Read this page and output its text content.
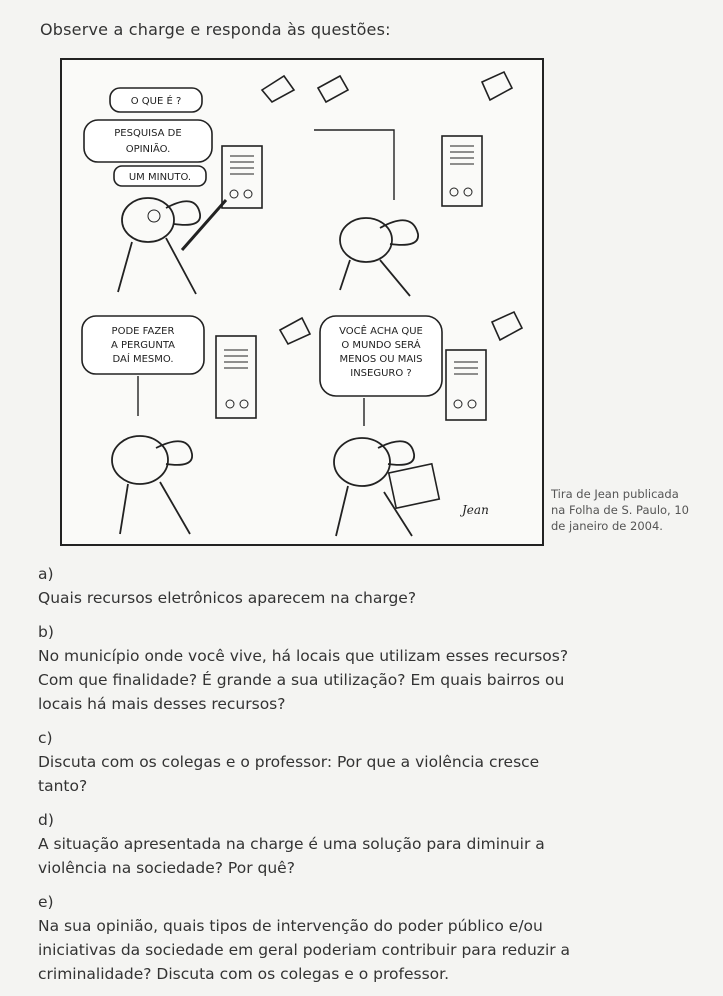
Observe a charge e responda às questões:
O QUE É ?
PESQUISA DE
OPINIÃO.
UM MINUTO.
PODE FAZER
A PERGUNTA
DAÍ MESMO.
VOCÊ ACHA QUE
O MUNDO SERÁ
MENOS OU MAIS
INSEGURO ?
Jean
Tira de Jean publicada
na Folha de S. Paulo, 10
de janeiro de 2004.
a)
Quais recursos eletrônicos aparecem na charge?
b)
No município onde você vive, há locais que utilizam esses recursos?
Com que finalidade? É grande a sua utilização? Em quais bairros ou
locais há mais desses recursos?
c)
Discuta com os colegas e o professor: Por que a violência cresce
tanto?
d)
A situação apresentada na charge é uma solução para diminuir a
violência na sociedade? Por quê?
e)
Na sua opinião, quais tipos de intervenção do poder público e/ou
iniciativas da sociedade em geral poderiam contribuir para reduzir a
criminalidade? Discuta com os colegas e o professor.
